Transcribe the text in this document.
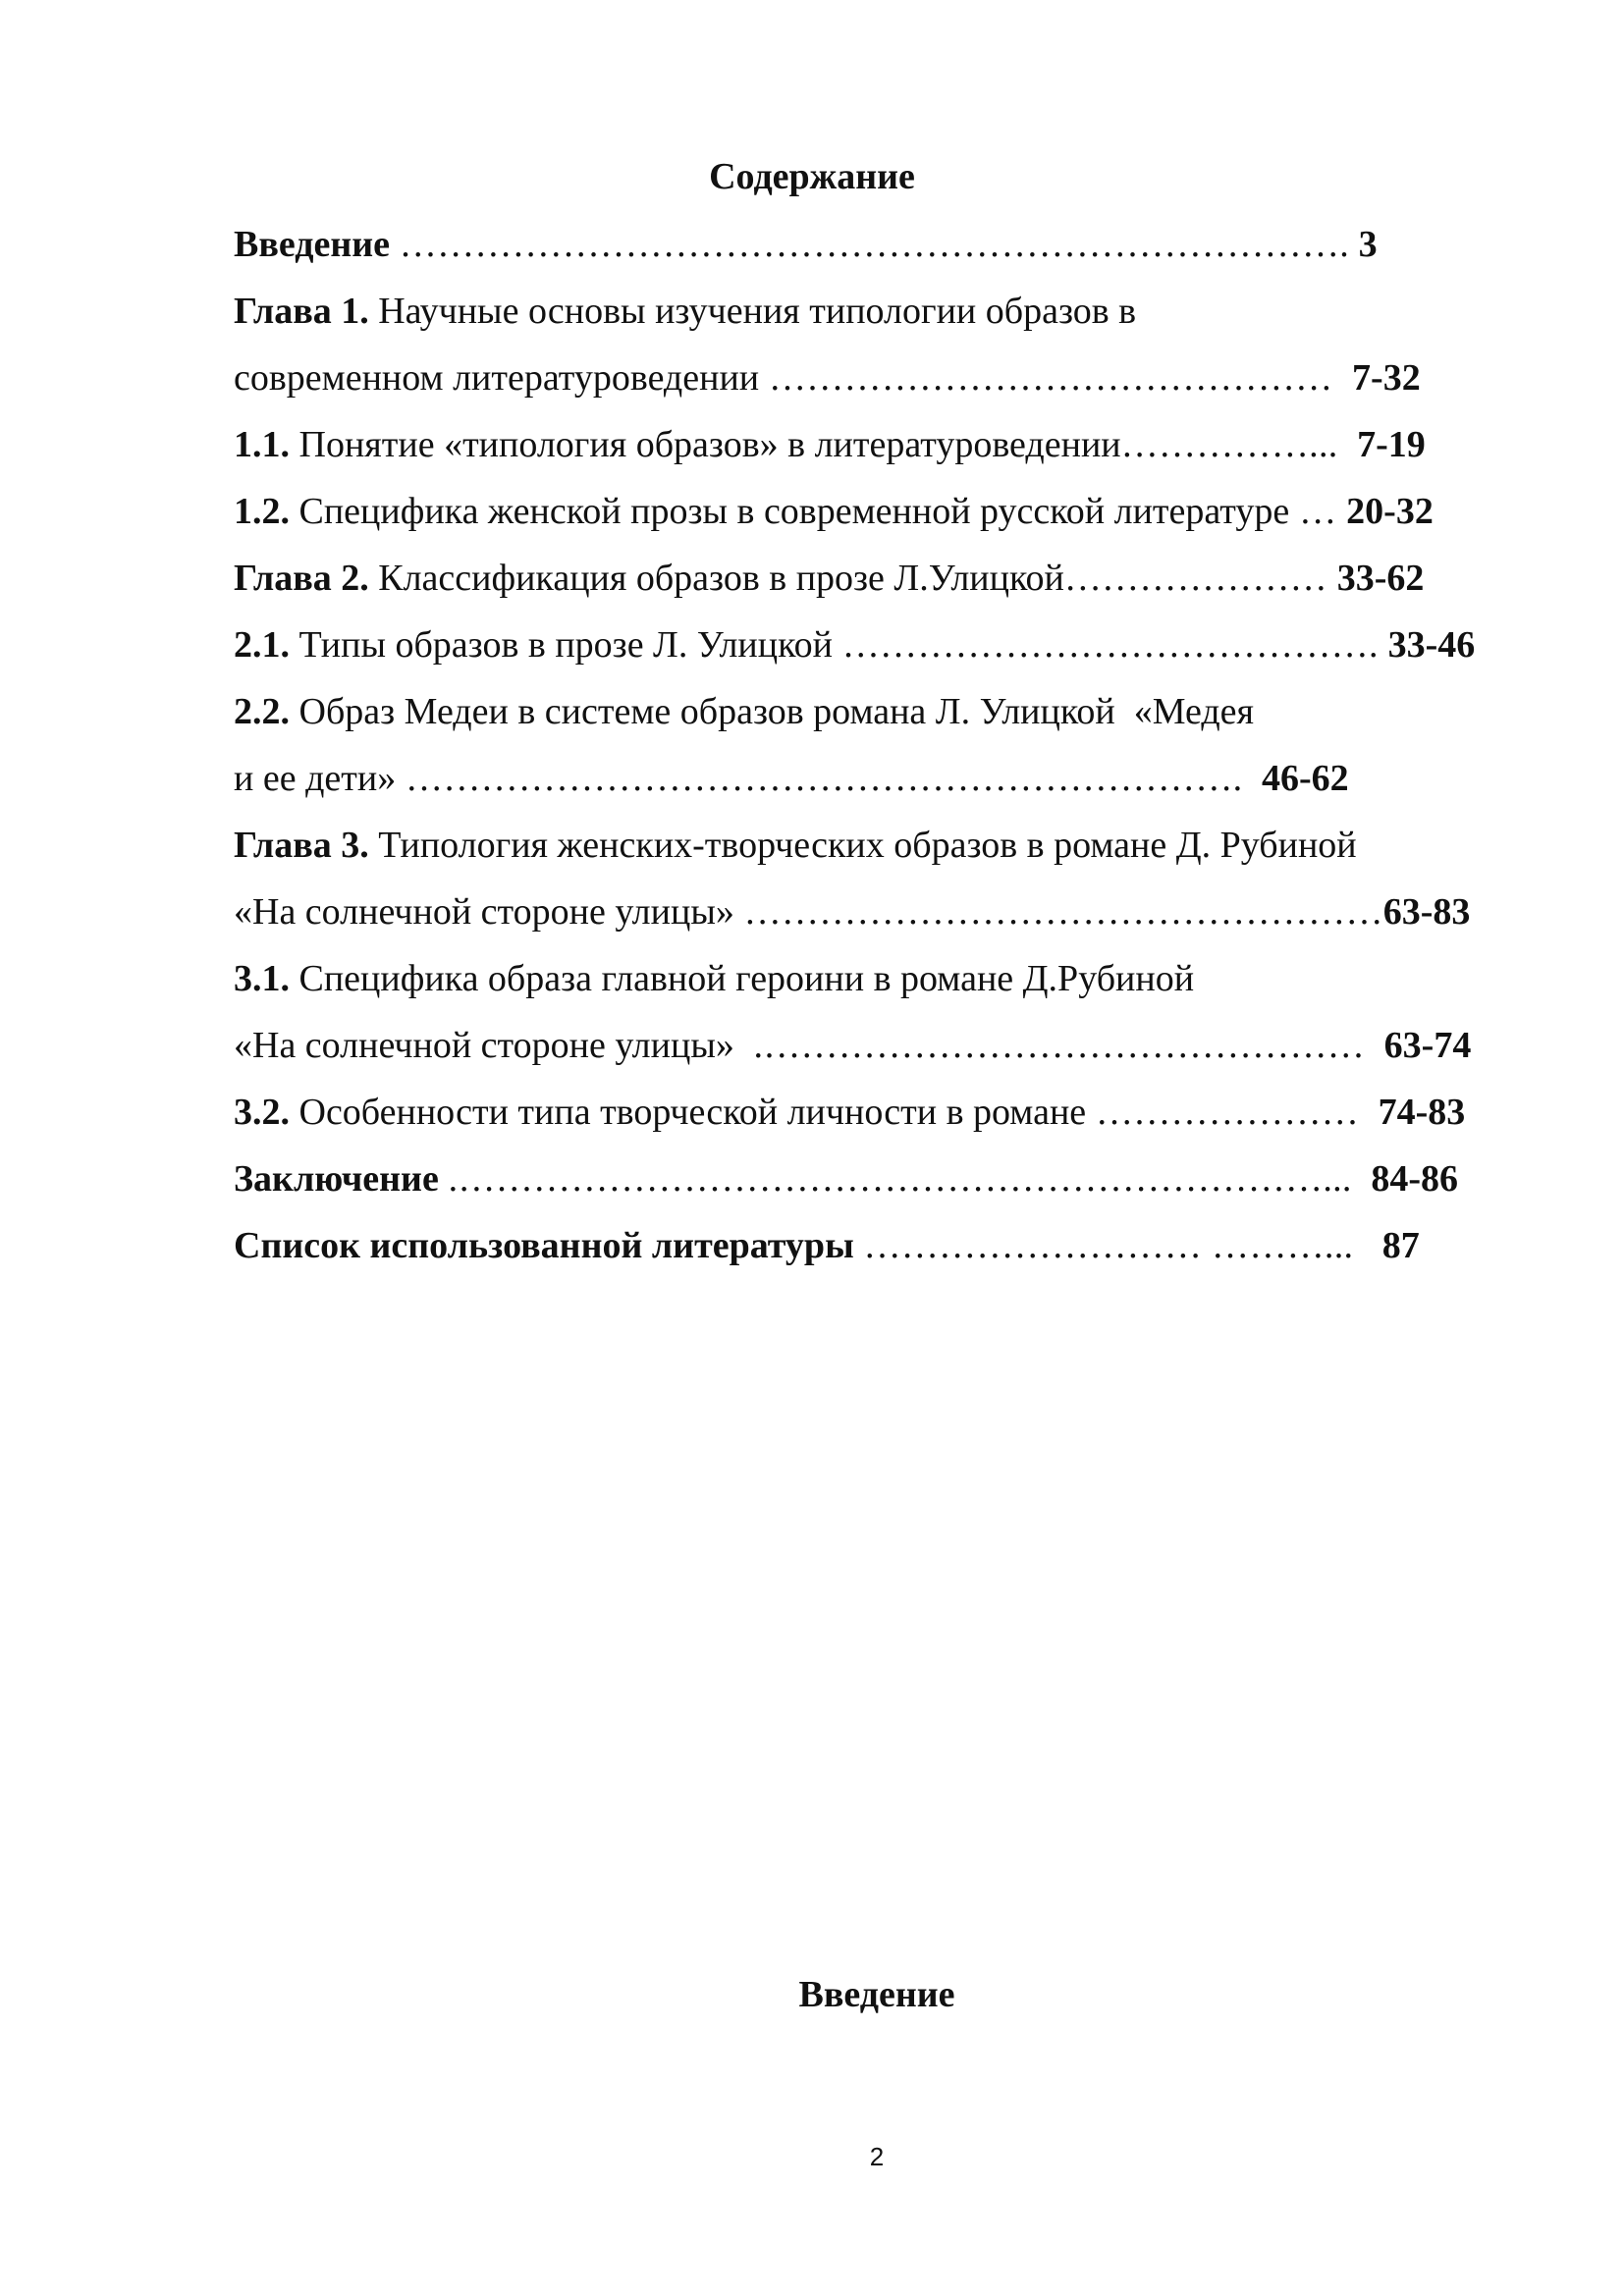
Содержание
Введение …………………………………………………………………. 3
Глава 1. Научные основы изучения типологии образов в
современном литературоведении ………………………………………  7-32
1.1. Понятие «типология образов» в литературоведении……………...  7-19
1.2. Специфика женской прозы в современной русской литературе … 20-32
Глава 2. Классификация образов в прозе Л.Улицкой………………… 33-62
2.1. Типы образов в прозе Л. Улицкой ……………………………………. 33-46
2.2. Образ Медеи в системе образов романа Л. Улицкой  «Медея
и ее дети» ………………………………………………………….  46-62
Глава 3. Типология женских-творческих образов в романе Д. Рубиной
«На солнечной стороне улицы» ……………………………………………63-83
3.1. Специфика образа главной героини в романе Д.Рубиной
«На солнечной стороне улицы»  .…………………………………………  63-74
3.2. Особенности типа творческой личности в романе …………………  74-83
Заключение .……………………………………………………………...  84-86
Список использованной литературы ……………………… ………...   87
Введение
2
